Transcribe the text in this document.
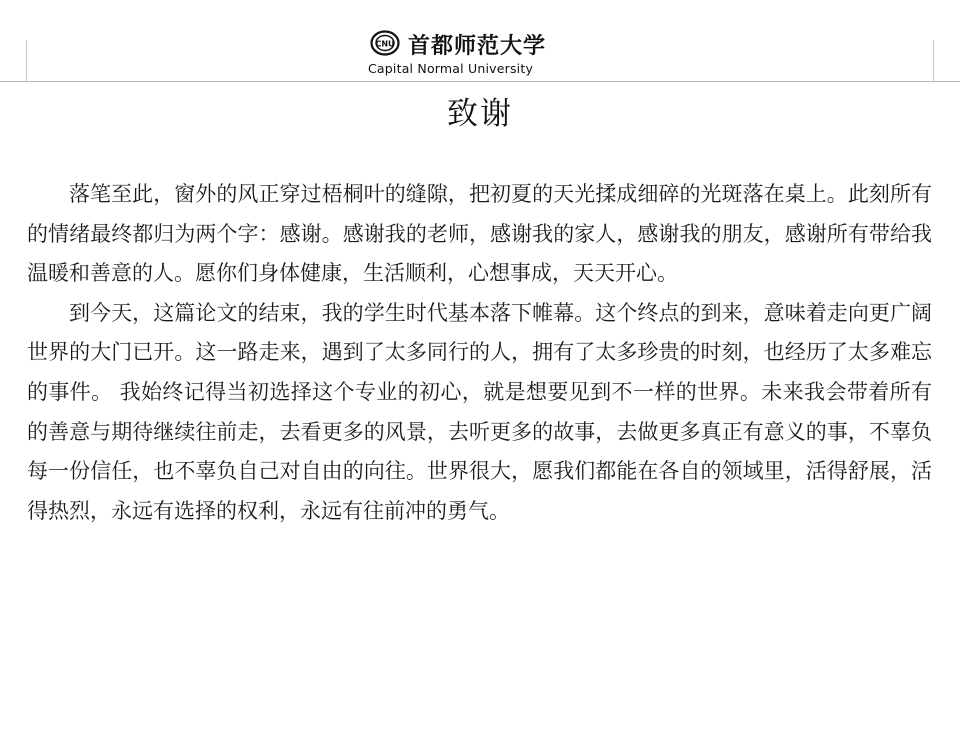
CNU 首都师范大学
Capital Normal University
致谢

落笔至此，窗外的风正穿过梧桐叶的缝隙，把初夏的天光揉成细碎的光斑落在桌上。此刻所有的情绪最终都归为两个字：感谢。感谢我的老师，感谢我的家人，感谢我的朋友，感谢所有带给我温暖和善意的人。愿你们身体健康，生活顺利，心想事成，天天开心。

到今天，这篇论文的结束，我的学生时代基本落下帷幕。这个终点的到来，意味着走向更广阔世界的大门已开。这一路走来，遇到了太多同行的人，拥有了太多珍贵的时刻，也经历了太多难忘的事件。 我始终记得当初选择这个专业的初心，就是想要见到不一样的世界。未来我会带着所有的善意与期待继续往前走，去看更多的风景，去听更多的故事，去做更多真正有意义的事，不辜负每一份信任，也不辜负自己对自由的向往。世界很大，愿我们都能在各自的领域里，活得舒展，活得热烈，永远有选择的权利，永远有往前冲的勇气。
